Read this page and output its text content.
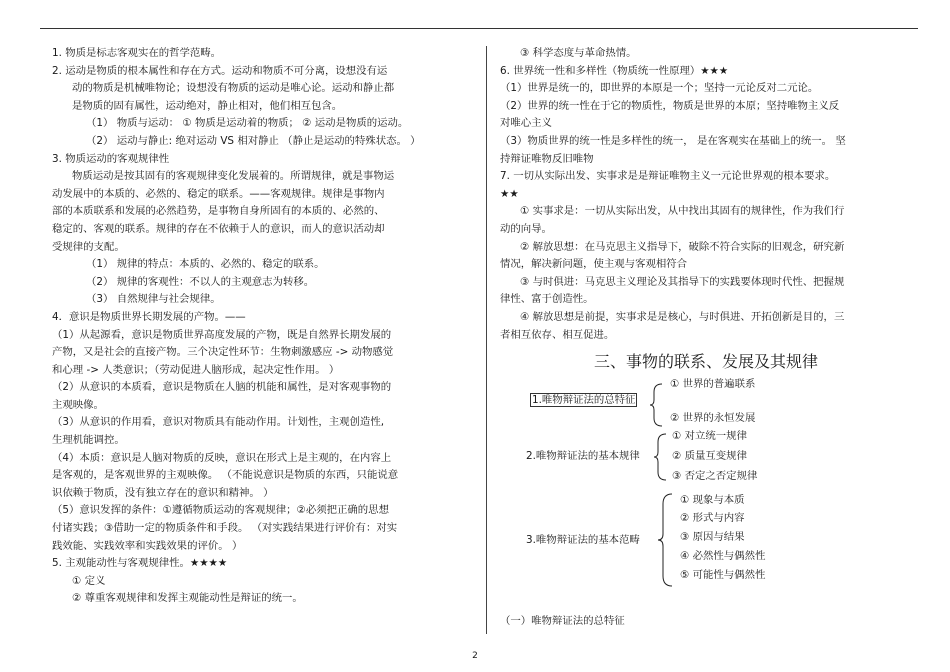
1. 物质是标志客观实在的哲学范畴。
2. 运动是物质的根本属性和存在方式。运动和物质不可分离，设想没有运
动的物质是机械唯物论；设想没有物质的运动是唯心论。运动和静止都
是物质的固有属性，运动绝对，静止相对，他们相互包含。
（1） 物质与运动： ① 物质是运动着的物质； ② 运动是物质的运动。
（2） 运动与静止: 绝对运动 VS 相对静止 （静止是运动的特殊状态。 ）
3. 物质运动的客观规律性
物质运动是按其固有的客观规律变化发展着的。所谓规律，就是事物运
动发展中的本质的、必然的、稳定的联系。——客观规律。规律是事物内
部的本质联系和发展的必然趋势，是事物自身所固有的本质的、必然的、
稳定的、客观的联系。规律的存在不依赖于人的意识，而人的意识活动却
受规律的支配。
（1） 规律的特点：本质的、必然的、稳定的联系。
（2） 规律的客观性：不以人的主观意志为转移。
（3） 自然规律与社会规律。
4．意识是物质世界长期发展的产物。——
（1）从起源看，意识是物质世界高度发展的产物，既是自然界长期发展的
产物，又是社会的直接产物。三个决定性环节：生物刺激感应 -> 动物感觉
和心理 -> 人类意识；（劳动促进人脑形成，起决定性作用。 ）
（2）从意识的本质看，意识是物质在人脑的机能和属性，是对客观事物的
主观映像。
（3）从意识的作用看，意识对物质具有能动作用。计划性，主观创造性,
生理机能调控。
（4）本质：意识是人脑对物质的反映，意识在形式上是主观的，在内容上
是客观的，是客观世界的主观映像。 （不能说意识是物质的东西，只能说意
识依赖于物质，没有独立存在的意识和精神。 ）
（5）意识发挥的条件：①遵循物质运动的客观规律；②必须把正确的思想
付诸实践；③借助一定的物质条件和手段。 （对实践结果进行评价有：对实
践效能、实践效率和实践效果的评价。 ）
5. 主观能动性与客观规律性。★★★★
① 定义
② 尊重客观规律和发挥主观能动性是辩证的统一。
③ 科学态度与革命热情。
6. 世界统一性和多样性（物质统一性原理）★★★
（1）世界是统一的，即世界的本原是一个；坚持一元论反对二元论。
（2）世界的统一性在于它的物质性，物质是世界的本原；坚持唯物主义反
对唯心主义
（3）物质世界的统一性是多样性的统一， 是在客观实在基础上的统一。 坚
持辩证唯物反旧唯物
7. 一切从实际出发、实事求是是辩证唯物主义一元论世界观的根本要求。
★★
① 实事求是：一切从实际出发，从中找出其固有的规律性，作为我们行
动的向导。
② 解放思想：在马克思主义指导下，破除不符合实际的旧观念，研究新
情况，解决新问题，使主观与客观相符合
③ 与时俱进：马克思主义理论及其指导下的实践要体现时代性、把握规
律性、富于创造性。
④ 解放思想是前提，实事求是是核心，与时俱进、开拓创新是目的，三
者相互依存、相互促进。
三、事物的联系、发展及其规律
1.唯物辩证法的总特征
① 世界的普遍联系
② 世界的永恒发展
2.唯物辩证法的基本规律
① 对立统一规律
② 质量互变规律
③ 否定之否定规律
3.唯物辩证法的基本范畴
① 现象与本质
② 形式与内容
③ 原因与结果
④ 必然性与偶然性
⑤ 可能性与偶然性
（一）唯物辩证法的总特征
2
